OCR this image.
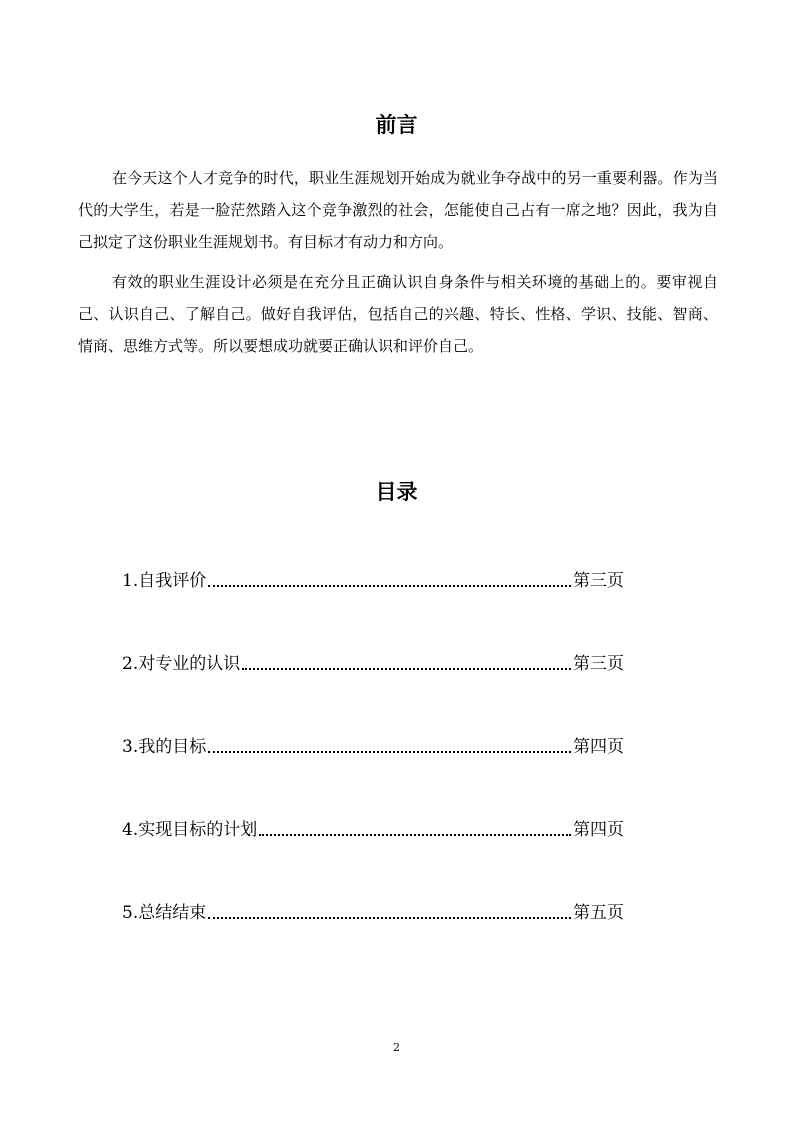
前言

在今天这个人才竞争的时代，职业生涯规划开始成为就业争夺战中的另一重要利器。作为当代的大学生，若是一脸茫然踏入这个竞争激烈的社会，怎能使自己占有一席之地？因此，我为自己拟定了这份职业生涯规划书。有目标才有动力和方向。

有效的职业生涯设计必须是在充分且正确认识自身条件与相关环境的基础上的。要审视自己、认识自己、了解自己。做好自我评估，包括自己的兴趣、特长、性格、学识、技能、智商、情商、思维方式等。所以要想成功就要正确认识和评价自己。

目录
1.自我评价	第三页
2.对专业的认识	第三页
3.我的目标	第四页
4.实现目标的计划	第四页
5.总结结束	第五页
2
